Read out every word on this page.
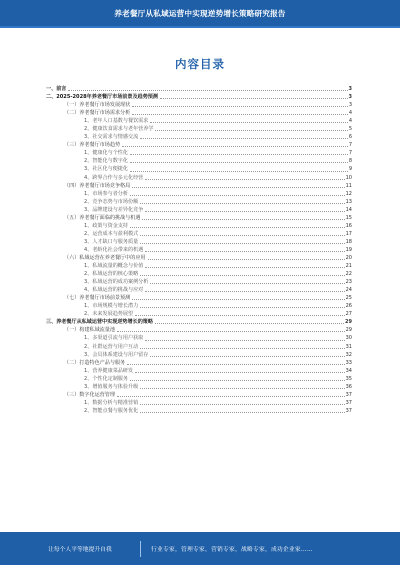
养老餐厅从私域运营中实现逆势增长策略研究报告
内容目录
一、前言	3
二、2025-2028年养老餐厅市场前景及趋势预测	3
（一）养老餐厅市场发展现状	3
（二）养老餐厅市场需求分析	4
1、老年人口基数与餐饮需求	4
2、健康饮食需求与老年营养学	5
3、社交需求与情感交流	6
（三）养老餐厅市场趋势	7
1、健康化与个性化	7
2、智能化与数字化	8
3、社区化与便捷化	9
4、跨界合作与多元化经营	10
（四）养老餐厅市场竞争格局	11
1、市场参与者分析	12
2、竞争态势与市场份额	13
3、品牌建设与差异化竞争	14
（五）养老餐厅面临的挑战与机遇	15
1、政策与资金支持	16
2、运营成本与盈利模式	17
3、人才缺口与服务质量	18
4、老龄化社会带来的机遇	19
（六）私域运营在养老餐厅中的应用	20
1、私域流量的概念与价值	21
2、私域运营的核心策略	22
3、私域运营的成功案例分析	23
4、私域运营的挑战与应对	24
（七）养老餐厅市场前景预测	25
1、市场规模与增长潜力	26
2、未来发展趋势展望	27
三、养老餐厅从私域运营中实现逆势增长的策略	29
（一）构建私域流量池	29
1、多渠道引流与用户获取	30
2、社群运营与用户互动	31
3、会员体系建设与用户留存	32
（二）打造特色产品与服务	33
1、营养健康菜品研发	34
2、个性化定制服务	35
3、增值服务与体验升级	36
（三）数字化运营管理	37
1、数据分析与精准营销	37
2、智能点餐与服务优化	37
让每个人平等地提升自我	行业专家，管理专家，营销专家，战略专家，成功企业家……
